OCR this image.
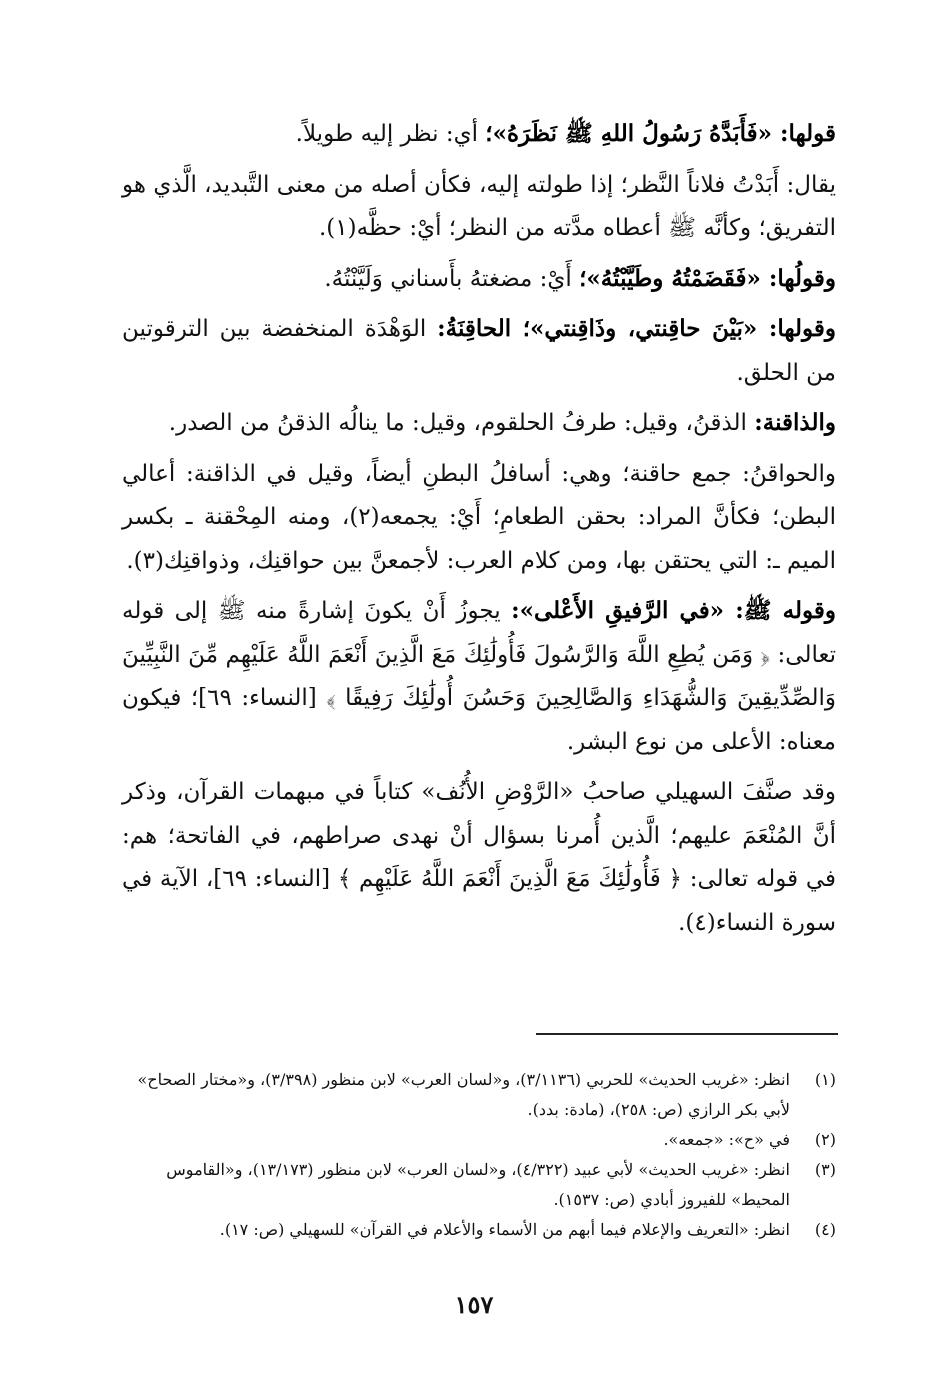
قولها: «فَأَبَدَّهُ رَسُولُ اللهِ ﷺ نَظَرَهُ»؛ أي: نظر إليه طويلاً.

يقال: أَبَدْتُ فلاناً النَّظر؛ إذا طولته إليه، فكأن أصله من معنى التَّبديد، الَّذي هو التفريق؛ وكأنَّه ﷺ أعطاه مدَّته من النظر؛ أيْ: حظَّه(١).

وقولُها: «فَقَضَمْتُهُ وطَيَّبْتُهُ»؛ أَيْ: مضغتهُ بأَسناني وَلَيَّنْتُهُ.

وقولها: «بَيْنَ حاقِنتي، وذَاقِنتي»؛ الحاقِنَةُ: الوَهْدَة المنخفضة بين الترقوتين من الحلق.

والذاقنة: الذقنُ، وقيل: طرفُ الحلقوم، وقيل: ما ينالُه الذقنُ من الصدر.

والحواقنُ: جمع حاقنة؛ وهي: أسافلُ البطنِ أيضاً، وقيل في الذاقنة: أعالي البطن؛ فكأنَّ المراد: بحقن الطعامِ؛ أَيْ: يجمعه(٢)، ومنه المِحْقنة ـ بكسر الميم ـ: التي يحتقن بها، ومن كلام العرب: لأجمعنَّ بين حواقنِك، وذواقنِك(٣).

وقوله ﷺ: «في الرَّفيقِ الأَعْلى»: يجوزُ أَنْ يكونَ إشارةً منه ﷺ إلى قوله تعالى: ﴿ وَمَن يُطِعِ اللَّهَ وَالرَّسُولَ فَأُولَٰئِكَ مَعَ الَّذِينَ أَنْعَمَ اللَّهُ عَلَيْهِم مِّنَ النَّبِيِّينَ وَالصِّدِّيقِينَ وَالشُّهَدَاءِ وَالصَّالِحِينَ وَحَسُنَ أُولَٰئِكَ رَفِيقًا ﴾ [النساء: ٦٩]؛ فيكون معناه: الأعلى من نوع البشر.

وقد صنَّفَ السهيلي صاحبُ «الرَّوْضِ الأُنُف» كتاباً في مبهمات القرآن، وذكر أنَّ المُنْعَمَ عليهم؛ الَّذين أُمرنا بسؤال أنْ نهدى صراطهم، في الفاتحة؛ هم: في قوله تعالى: ﴿ فَأُولَٰئِكَ مَعَ الَّذِينَ أَنْعَمَ اللَّهُ عَلَيْهِم ﴾ [النساء: ٦٩]، الآية في سورة النساء(٤).

(١)
انظر: «غريب الحديث» للحربي (٣/١١٣٦)، و«لسان العرب» لابن منظور (٣/٣٩٨)، و«مختار الصحاح» لأبي بكر الرازي (ص: ٢٥٨)، (مادة: بدد).
(٢)
في «ح»: «جمعه».
(٣)
انظر: «غريب الحديث» لأبي عبيد (٤/٣٢٢)، و«لسان العرب» لابن منظور (١٣/١٧٣)، و«القاموس المحيط» للفيروز أبادي (ص: ١٥٣٧).
(٤)
انظر: «التعريف والإعلام فيما أبهم من الأسماء والأعلام في القرآن» للسهيلي (ص: ١٧).
١٥٧
